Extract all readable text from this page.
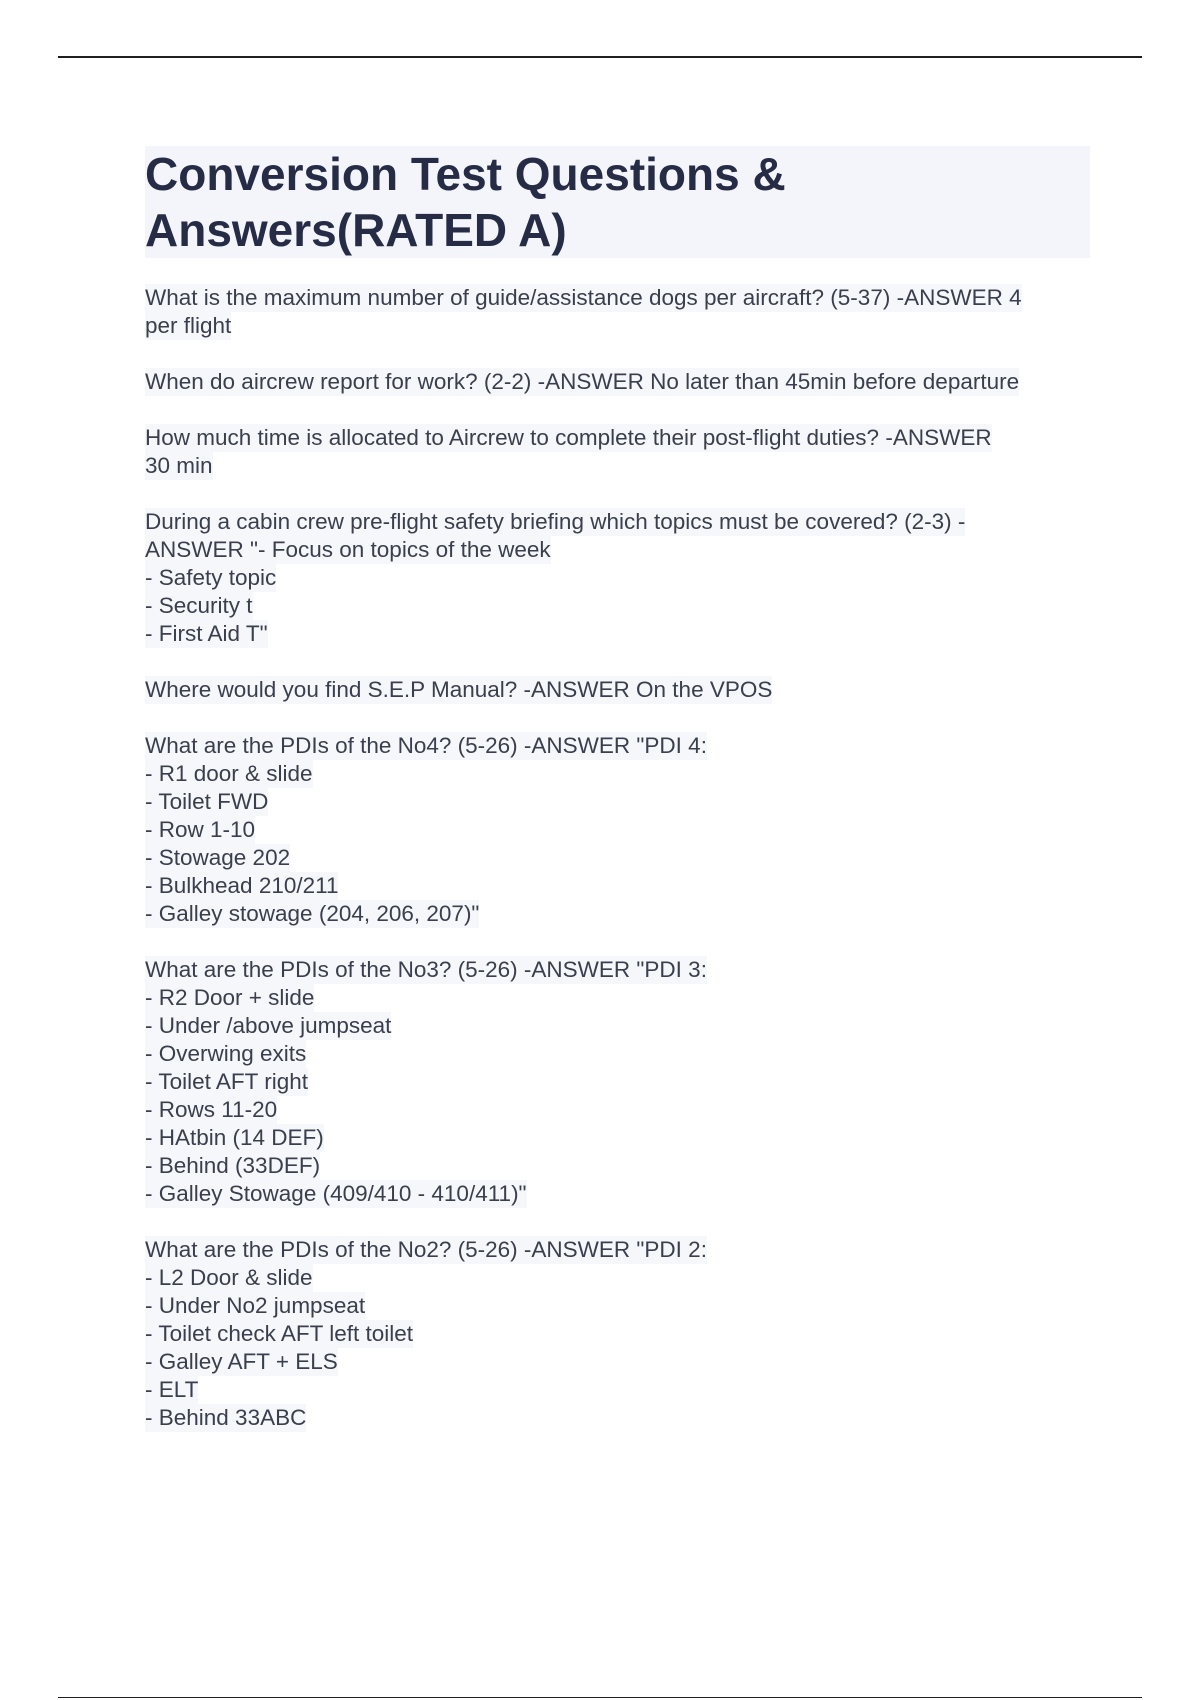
Conversion Test Questions &
Answers(RATED A)
What is the maximum number of guide/assistance dogs per aircraft? (5-37) -ANSWER 4
per flight
When do aircrew report for work? (2-2) -ANSWER No later than 45min before departure
How much time is allocated to Aircrew to complete their post-flight duties? -ANSWER
30 min
During a cabin crew pre-flight safety briefing which topics must be covered? (2-3) -
ANSWER "- Focus on topics of the week
- Safety topic
- Security t
- First Aid T"
Where would you find S.E.P Manual? -ANSWER On the VPOS
What are the PDIs of the No4? (5-26) -ANSWER "PDI 4:
- R1 door & slide
- Toilet FWD
- Row 1-10
- Stowage 202
- Bulkhead 210/211
- Galley stowage (204, 206, 207)"
What are the PDIs of the No3? (5-26) -ANSWER "PDI 3:
- R2 Door + slide
- Under /above jumpseat
- Overwing exits
- Toilet AFT right
- Rows 11-20
- HAtbin (14 DEF)
- Behind (33DEF)
- Galley Stowage (409/410 - 410/411)"
What are the PDIs of the No2? (5-26) -ANSWER "PDI 2:
- L2 Door & slide
- Under No2 jumpseat
- Toilet check AFT left toilet
- Galley AFT + ELS
- ELT
- Behind 33ABC
